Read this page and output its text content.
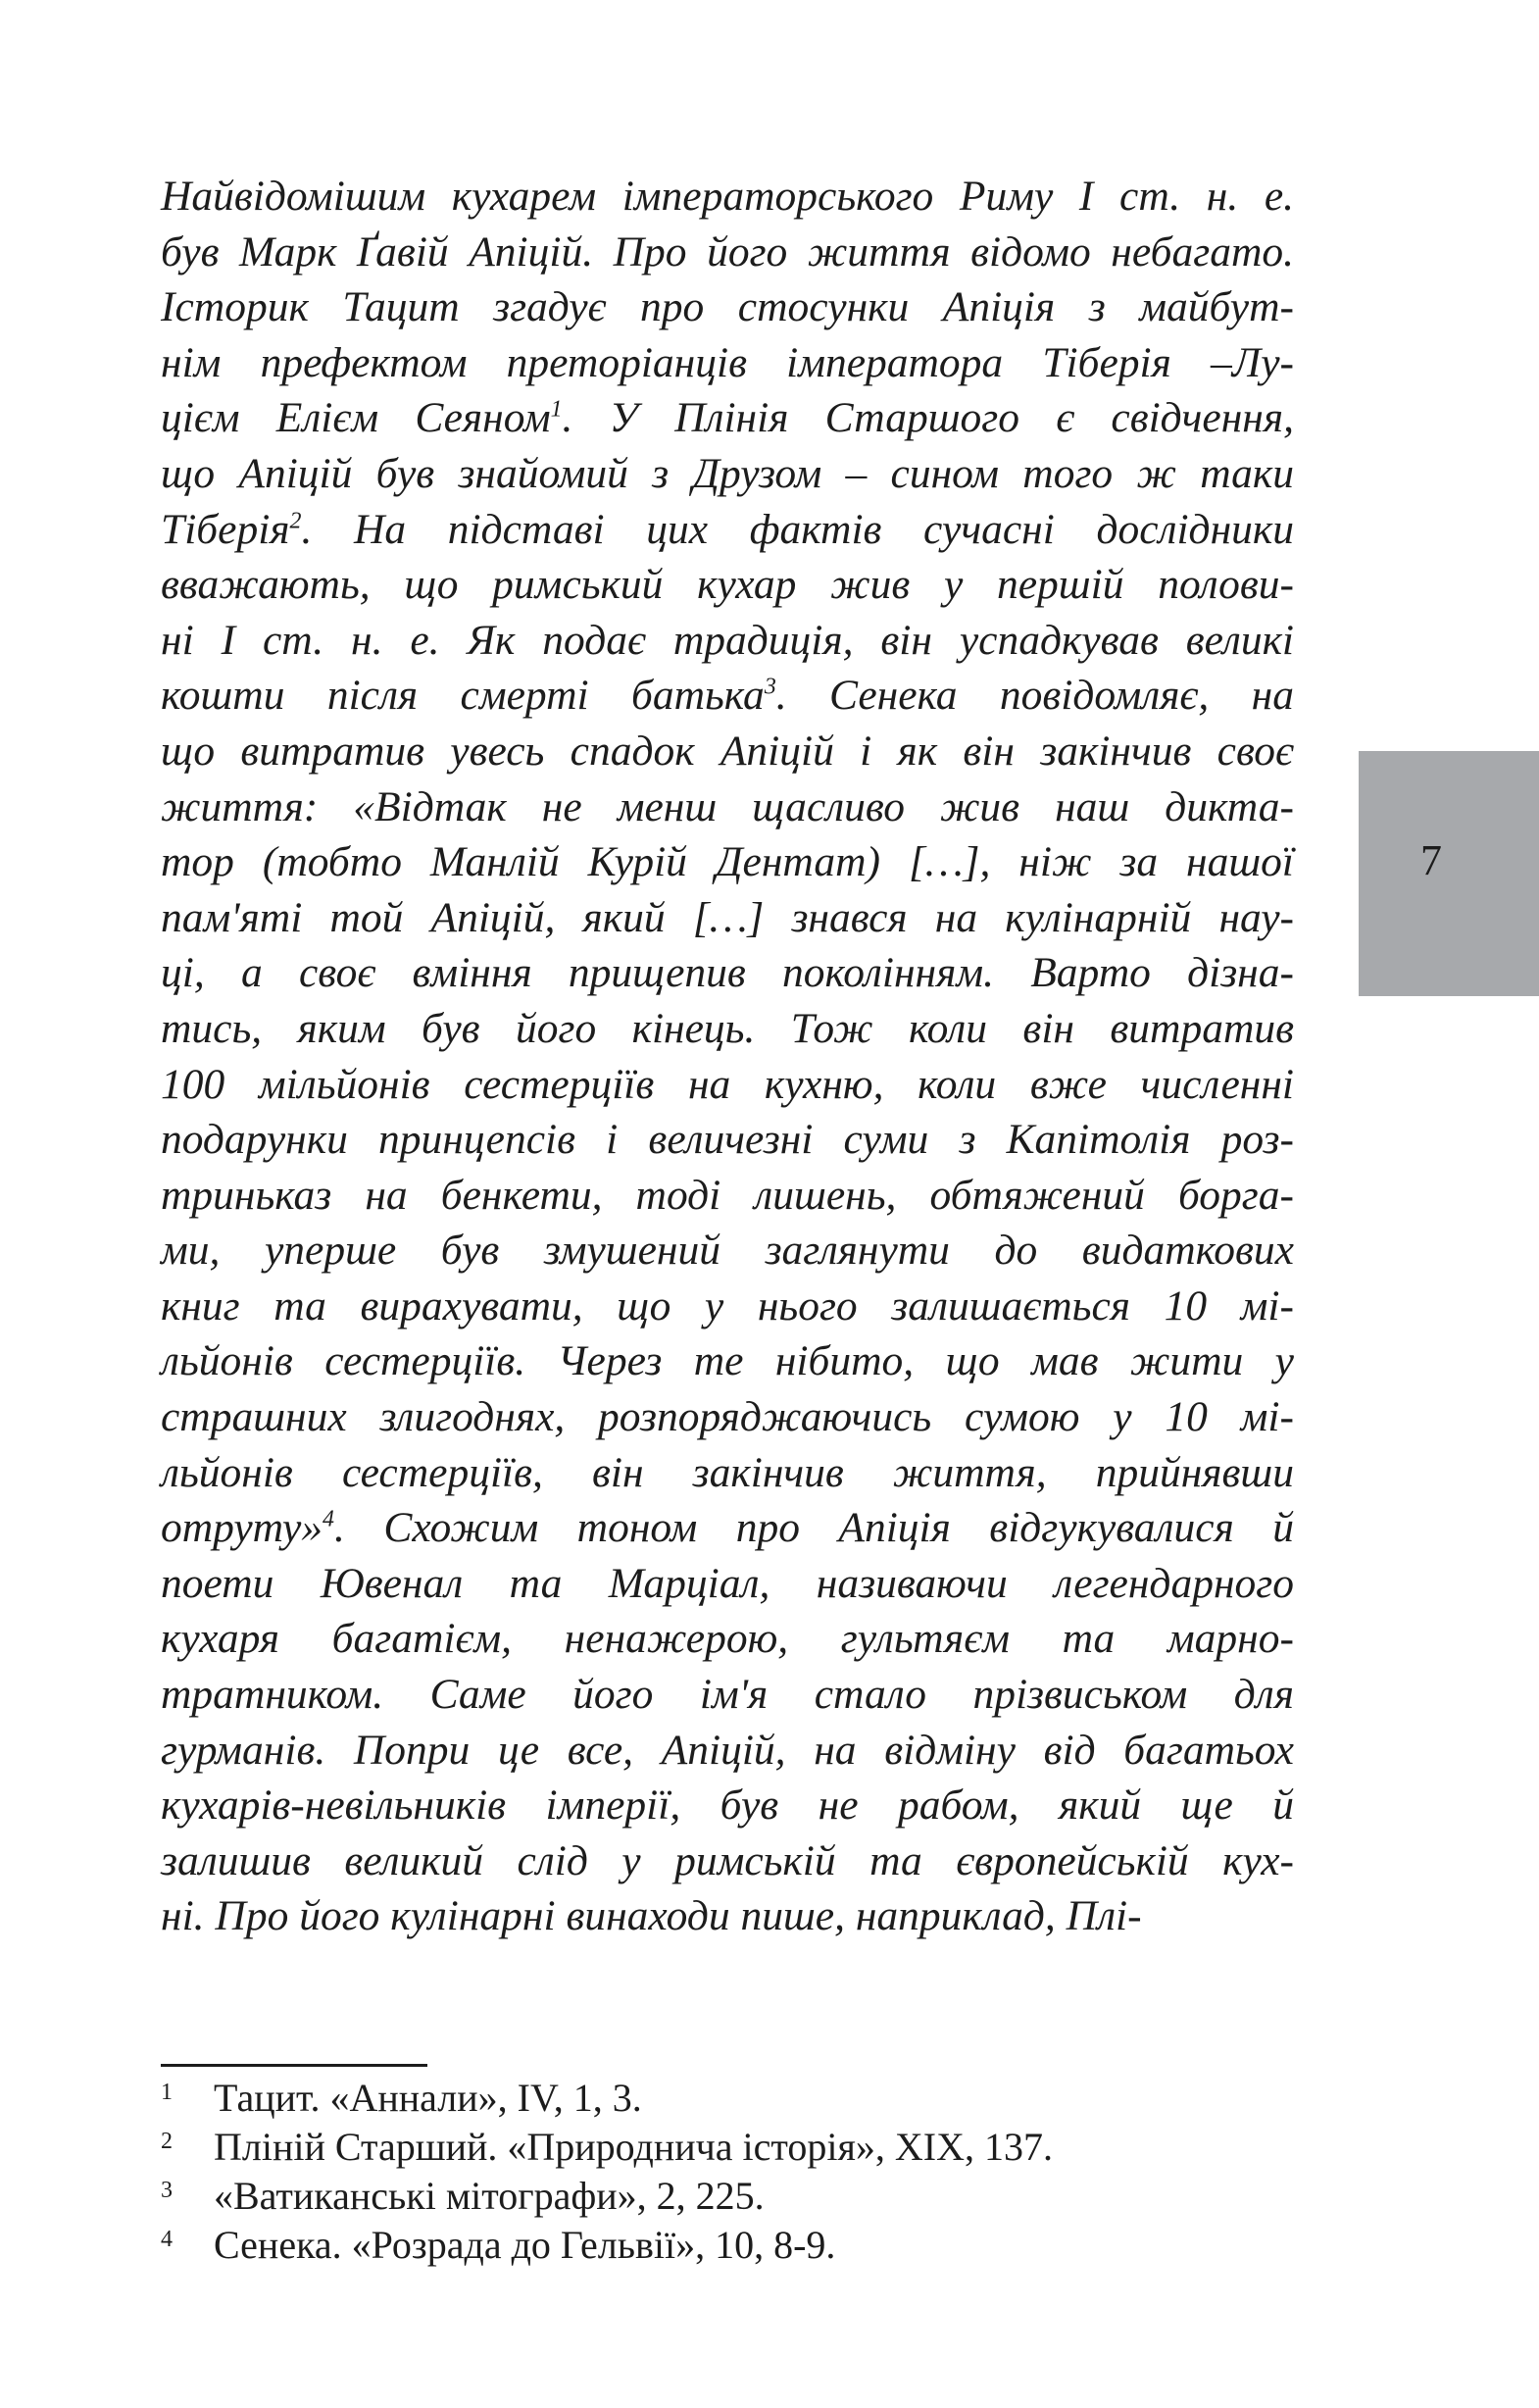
Найвідомішим кухарем імператорського Риму I ст. н. е.
був Марк Ґавій Апіцій. Про його життя відомо небагато.
Історик Тацит згадує про стосунки Апіція з майбут-
нім префектом преторіанців імператора Тіберія –Лу-
цієм Елієм Сеяном$^1$. У Плінія Старшого є свідчення,
що Апіцій був знайомий з Друзом – сином того ж таки
Тіберія$^2$. На підставі цих фактів сучасні дослідники
вважають, що римський кухар жив у першій полови-
ні I ст. н. е. Як подає традиція, він успадкував великі
кошти після смерті батька$^3$. Сенека повідомляє, на
що витратив увесь спадок Апіцій і як він закінчив своє
життя: «Відтак не менш щасливо жив наш дикта-
тор (тобто Манлій Курій Дентат) […], ніж за нашої
пам'яті той Апіцій, який […] знався на кулінарній нау-
ці, а своє вміння прищепив поколінням. Варто дізна-
тись, яким був його кінець. Тож коли він витратив
100 мільйонів сестерціїв на кухню, коли вже численні
подарунки принцепсів і величезні суми з Капітолія роз-
триньказ на бенкети, тоді лишень, обтяжений борга-
ми, уперше був змушений заглянути до видаткових
книг та вирахувати, що у нього залишається 10 мі-
льйонів сестерціїв. Через те нібито, що мав жити у
страшних злигоднях, розпоряджаючись сумою у 10 мі-
льйонів сестерціїв, він закінчив життя, прийнявши
отруту»$^4$. Схожим тоном про Апіція відгукувалися й
поети Ювенал та Марціал, називаючи легендарного
кухаря багатієм, ненажерою, гультяєм та марно-
тратником. Саме його ім'я стало прізвиськом для
гурманів. Попри це все, Апіцій, на відміну від багатьох
кухарів-невільників імперії, був не рабом, який ще й
залишив великий слід у римській та європейській кух-
ні. Про його кулінарні винаходи пише, наприклад, Плі-
7
1	Тацит. «Аннали», IV, 1, 3.
2	Пліній Старший. «Природнича історія», XIX, 137.
3	«Ватиканські мітографи», 2, 225.
4	Сенека. «Розрада до Гельвії», 10, 8-9.
